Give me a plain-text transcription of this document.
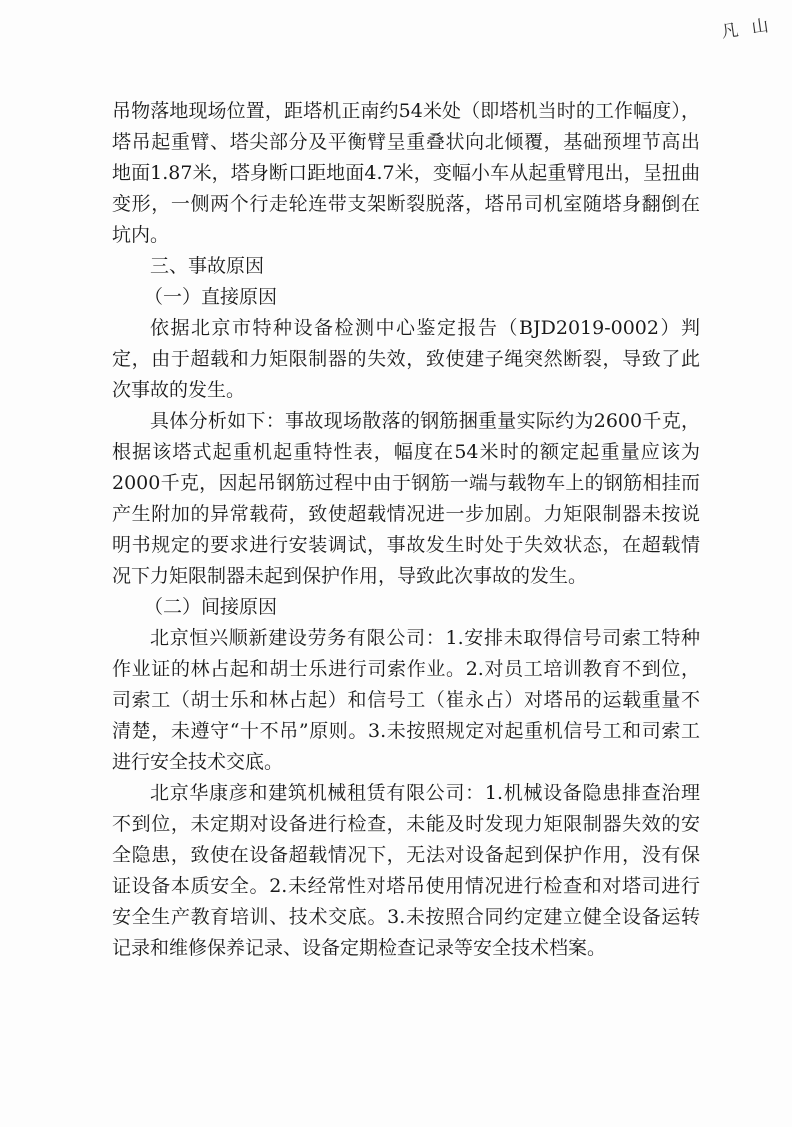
凡 山

吊物落地现场位置，距塔机正南约54米处（即塔机当时的工作幅度），塔吊起重臂、塔尖部分及平衡臂呈重叠状向北倾覆，基础预埋节高出地面1.87米，塔身断口距地面4.7米，变幅小车从起重臂甩出，呈扭曲变形，一侧两个行走轮连带支架断裂脱落，塔吊司机室随塔身翻倒在坑内。

三、事故原因

（一）直接原因

依据北京市特种设备检测中心鉴定报告（BJD2019-0002）判定，由于超载和力矩限制器的失效，致使建子绳突然断裂，导致了此次事故的发生。

具体分析如下：事故现场散落的钢筋捆重量实际约为2600千克，根据该塔式起重机起重特性表，幅度在54米时的额定起重量应该为2000千克，因起吊钢筋过程中由于钢筋一端与载物车上的钢筋相挂而产生附加的异常载荷，致使超载情况进一步加剧。力矩限制器未按说明书规定的要求进行安装调试，事故发生时处于失效状态，在超载情况下力矩限制器未起到保护作用，导致此次事故的发生。

（二）间接原因

北京恒兴顺新建设劳务有限公司：1.安排未取得信号司索工特种作业证的林占起和胡士乐进行司索作业。2.对员工培训教育不到位，司索工（胡士乐和林占起）和信号工（崔永占）对塔吊的运载重量不清楚，未遵守“十不吊”原则。3.未按照规定对起重机信号工和司索工进行安全技术交底。

北京华康彦和建筑机械租赁有限公司：1.机械设备隐患排查治理不到位，未定期对设备进行检查，未能及时发现力矩限制器失效的安全隐患，致使在设备超载情况下，无法对设备起到保护作用，没有保证设备本质安全。2.未经常性对塔吊使用情况进行检查和对塔司进行安全生产教育培训、技术交底。3.未按照合同约定建立健全设备运转记录和维修保养记录、设备定期检查记录等安全技术档案。
